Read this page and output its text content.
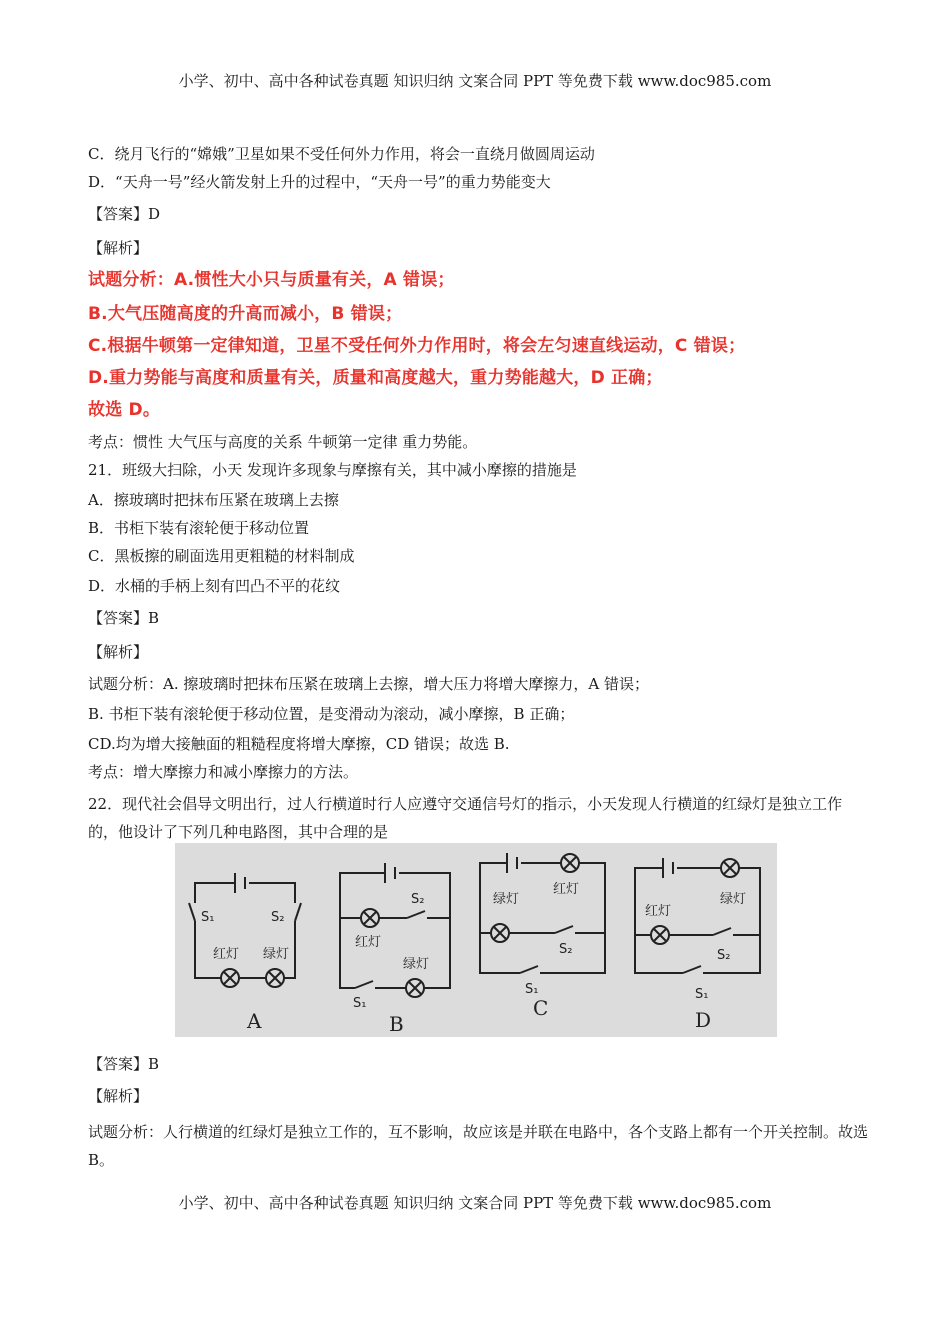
小学、初中、高中各种试卷真题 知识归纳 文案合同 PPT 等免费下载 www.doc985.com
C．绕月飞行的“嫦娥”卫星如果不受任何外力作用，将会一直绕月做圆周运动
D．“天舟一号”经火箭发射上升的过程中，“天舟一号”的重力势能变大
【答案】D
【解析】
试题分析：A.惯性大小只与质量有关，A 错误；
B.大气压随高度的升高而减小，B 错误；
C.根据牛顿第一定律知道，卫星不受任何外力作用时，将会左匀速直线运动，C 错误；
D.重力势能与高度和质量有关，质量和高度越大，重力势能越大，D 正确；
故选 D。
考点：惯性 大气压与高度的关系 牛顿第一定律 重力势能。
21．班级大扫除，小天 发现许多现象与摩擦有关，其中减小摩擦的措施是
A．擦玻璃时把抹布压紧在玻璃上去擦
B．书柜下装有滚轮便于移动位置
C．黑板擦的刷面选用更粗糙的材料制成
D．水桶的手柄上刻有凹凸不平的花纹
【答案】B
【解析】
试题分析：A. 擦玻璃时把抹布压紧在玻璃上去擦，增大压力将增大摩擦力，A 错误；
B. 书柜下装有滚轮便于移动位置，是变滑动为滚动，减小摩擦，B 正确；
CD.均为增大接触面的粗糙程度将增大摩擦，CD 错误；故选 B.
考点：增大摩擦力和减小摩擦力的方法。
22．现代社会倡导文明出行，过人行横道时行人应遵守交通信号灯的指示，小天发现人行横道的红绿灯是独立工作的，他设计了下列几种电路图，其中合理的是
S₁	S₂
红灯 绿灯
A
S₂
红灯
绿灯
S₁
B
绿灯
红灯
S₂
S₁
C
绿灯
红灯
S₂
S₁
D
【答案】B
【解析】
试题分析：人行横道的红绿灯是独立工作的，互不影响，故应该是并联在电路中，各个支路上都有一个开关控制。故选 B。
小学、初中、高中各种试卷真题 知识归纳 文案合同 PPT 等免费下载 www.doc985.com
